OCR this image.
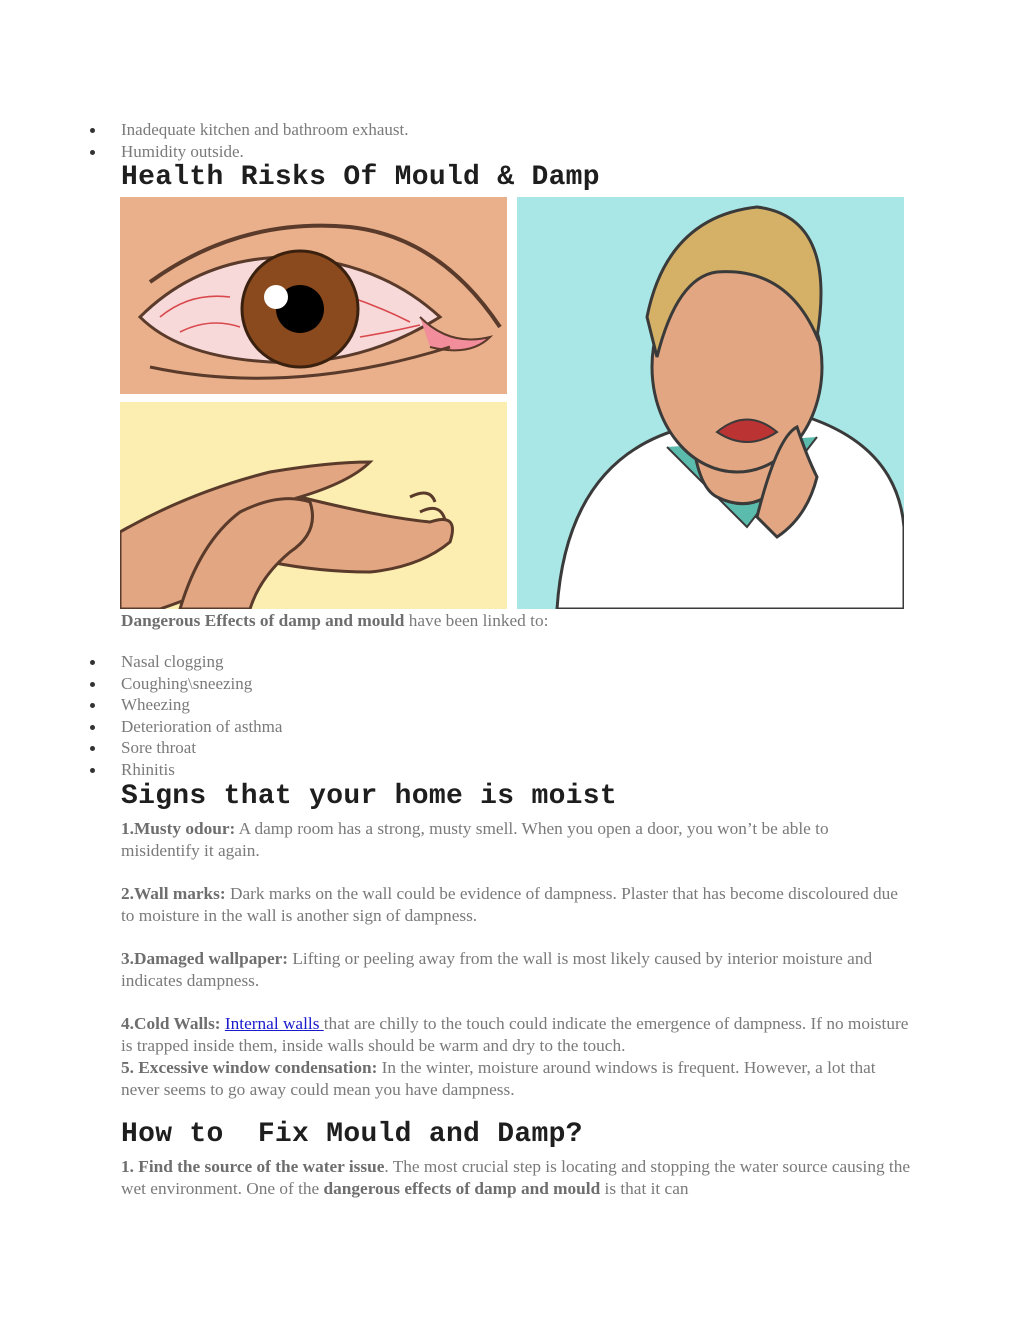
Inadequate kitchen and bathroom exhaust.
Humidity outside.
Health Risks Of Mould & Damp

Dangerous Effects of damp and mould have been linked to:

Nasal clogging
Coughing\sneezing
Wheezing
Deterioration of asthma
Sore throat
Rhinitis
Signs that your home is moist

1.Musty odour: A damp room has a strong, musty smell. When you open a door, you won’t be able to misidentify it again.

2.Wall marks: Dark marks on the wall could be evidence of dampness. Plaster that has become discoloured due to moisture in the wall is another sign of dampness.

3.Damaged wallpaper: Lifting or peeling away from the wall is most likely caused by interior moisture and indicates dampness.

4.Cold Walls: Internal walls that are chilly to the touch could indicate the emergence of dampness. If no moisture is trapped inside them, inside walls should be warm and dry to the touch.

5. Excessive window condensation: In the winter, moisture around windows is frequent. However, a lot that never seems to go away could mean you have dampness.

How to  Fix Mould and Damp?

1. Find the source of the water issue. The most crucial step is locating and stopping the water source causing the wet environment. One of the dangerous effects of damp and mould is that it can
